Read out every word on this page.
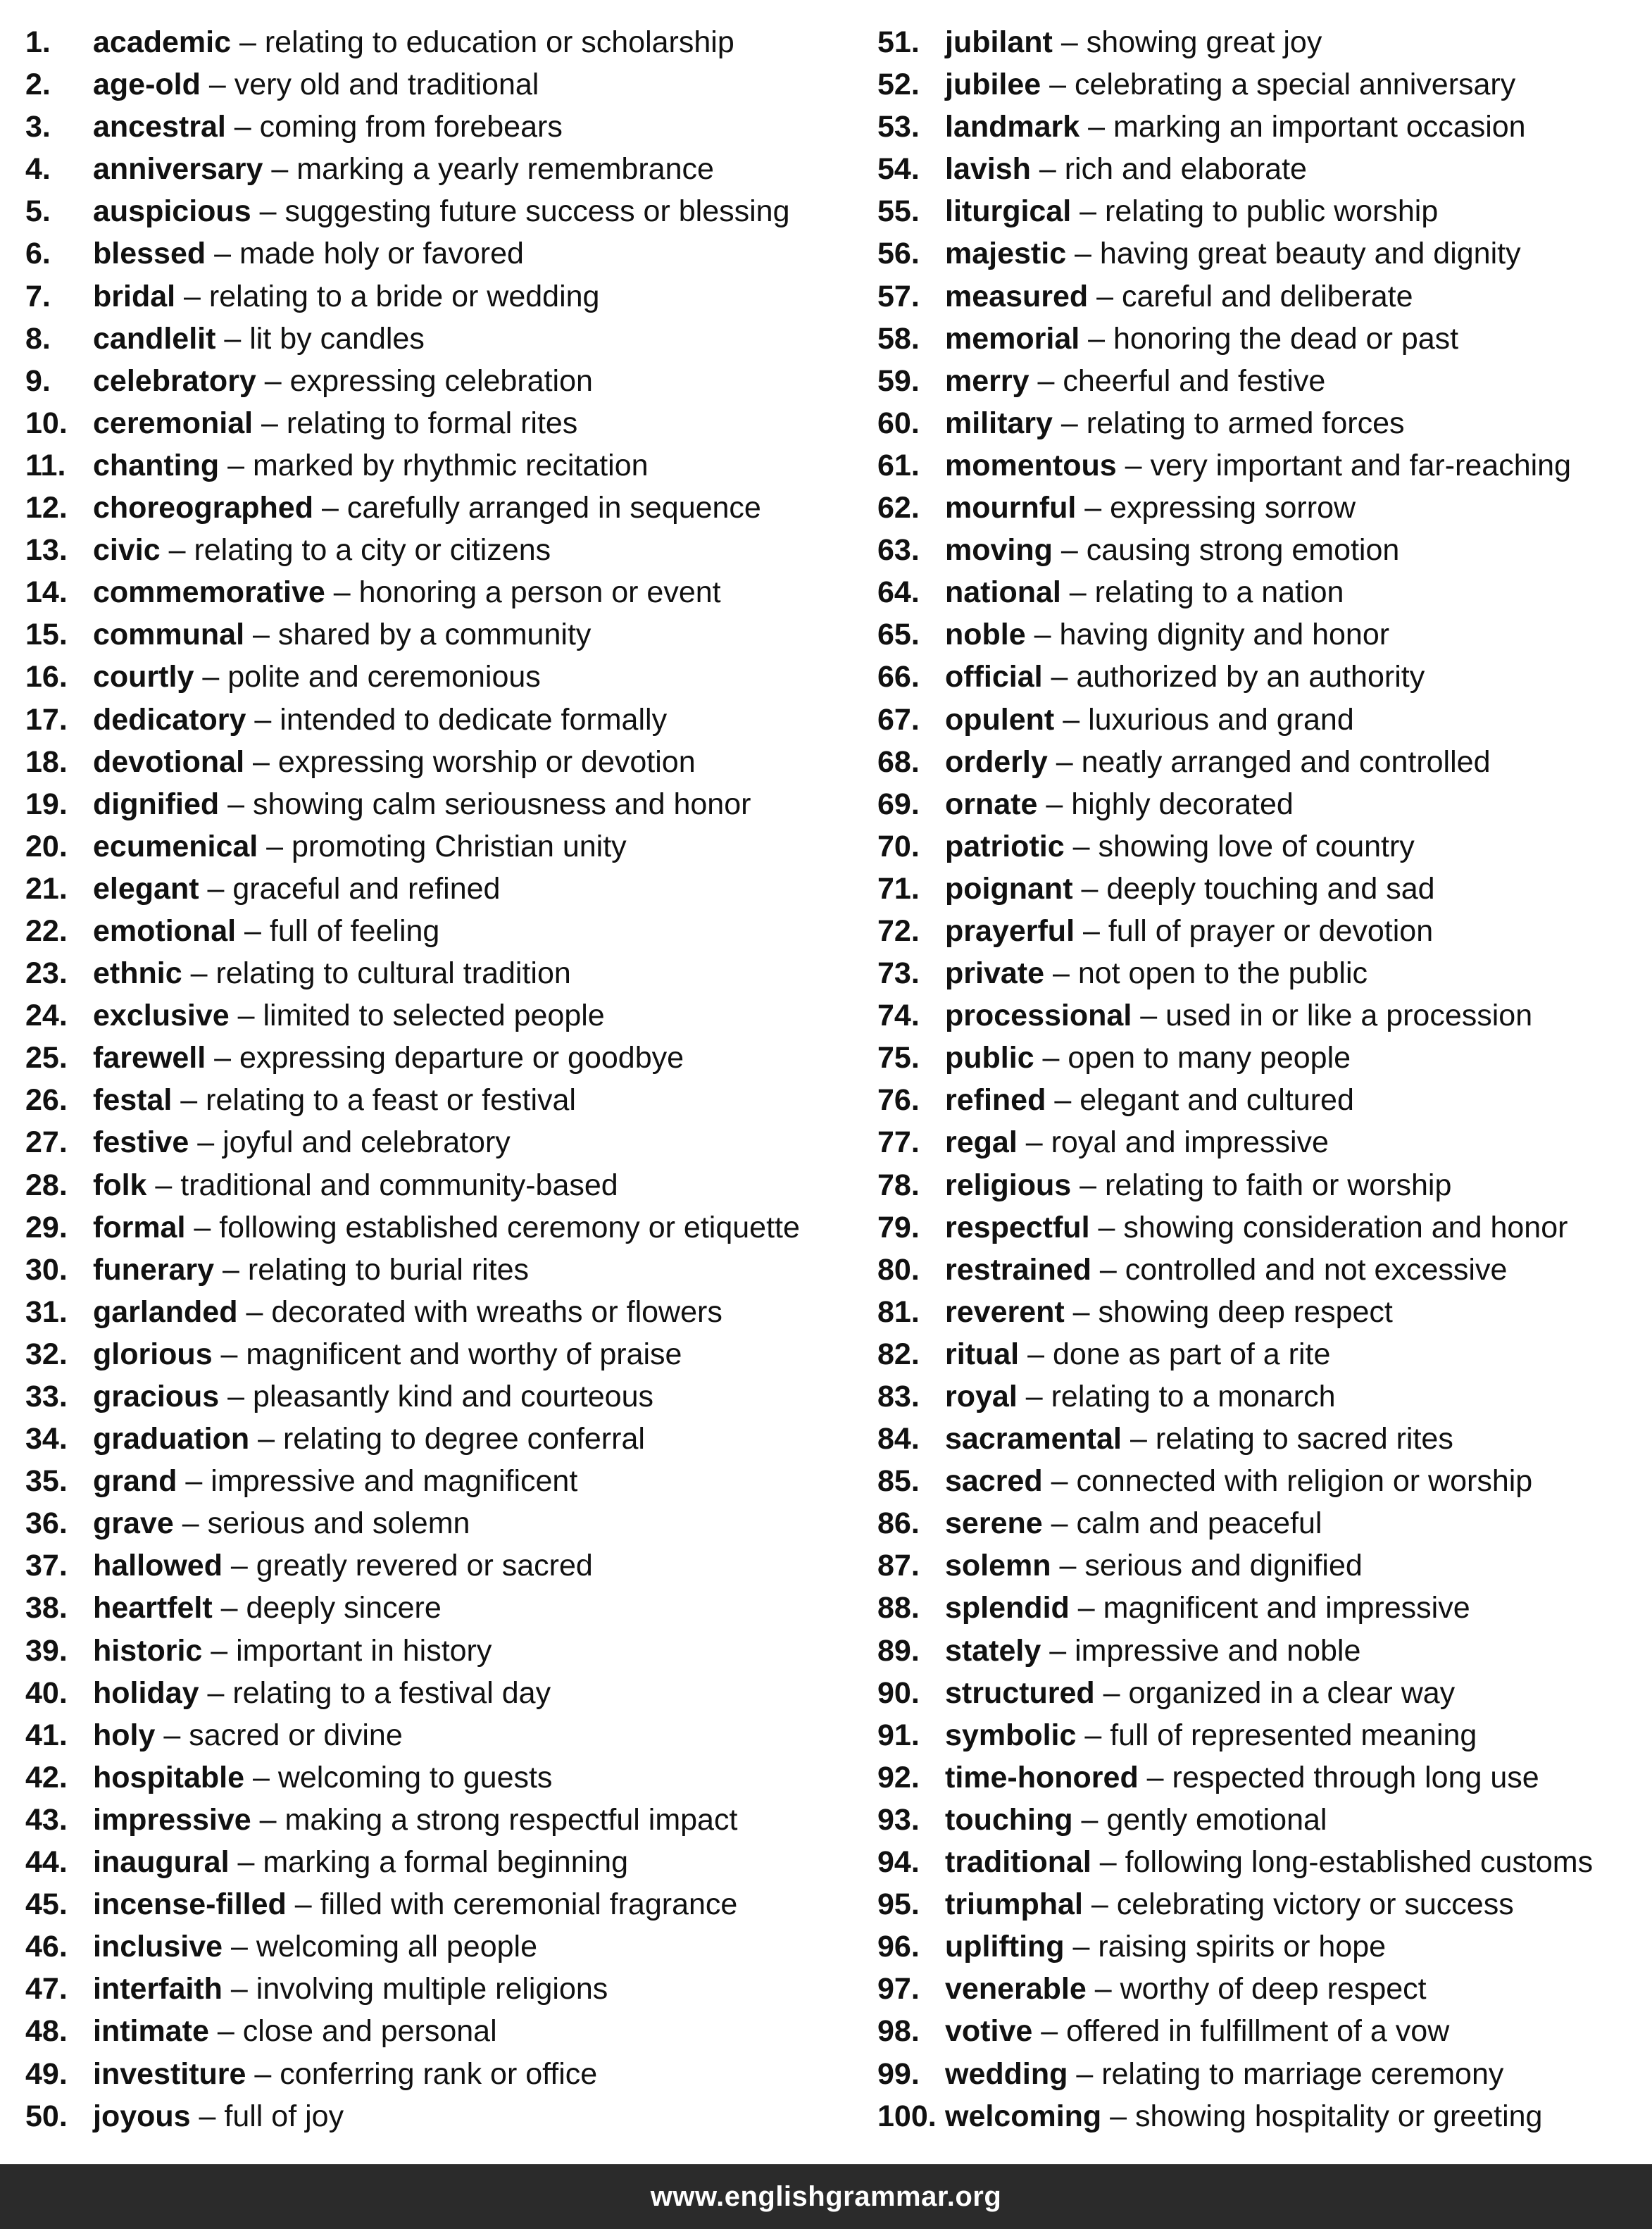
1. academic – relating to education or scholarship
2. age-old – very old and traditional
3. ancestral – coming from forebears
4. anniversary – marking a yearly remembrance
5. auspicious – suggesting future success or blessing
6. blessed – made holy or favored
7. bridal – relating to a bride or wedding
8. candlelit – lit by candles
9. celebratory – expressing celebration
10. ceremonial – relating to formal rites
11. chanting – marked by rhythmic recitation
12. choreographed – carefully arranged in sequence
13. civic – relating to a city or citizens
14. commemorative – honoring a person or event
15. communal – shared by a community
16. courtly – polite and ceremonious
17. dedicatory – intended to dedicate formally
18. devotional – expressing worship or devotion
19. dignified – showing calm seriousness and honor
20. ecumenical – promoting Christian unity
21. elegant – graceful and refined
22. emotional – full of feeling
23. ethnic – relating to cultural tradition
24. exclusive – limited to selected people
25. farewell – expressing departure or goodbye
26. festal – relating to a feast or festival
27. festive – joyful and celebratory
28. folk – traditional and community-based
29. formal – following established ceremony or etiquette
30. funerary – relating to burial rites
31. garlanded – decorated with wreaths or flowers
32. glorious – magnificent and worthy of praise
33. gracious – pleasantly kind and courteous
34. graduation – relating to degree conferral
35. grand – impressive and magnificent
36. grave – serious and solemn
37. hallowed – greatly revered or sacred
38. heartfelt – deeply sincere
39. historic – important in history
40. holiday – relating to a festival day
41. holy – sacred or divine
42. hospitable – welcoming to guests
43. impressive – making a strong respectful impact
44. inaugural – marking a formal beginning
45. incense-filled – filled with ceremonial fragrance
46. inclusive – welcoming all people
47. interfaith – involving multiple religions
48. intimate – close and personal
49. investiture – conferring rank or office
50. joyous – full of joy
51. jubilant – showing great joy
52. jubilee – celebrating a special anniversary
53. landmark – marking an important occasion
54. lavish – rich and elaborate
55. liturgical – relating to public worship
56. majestic – having great beauty and dignity
57. measured – careful and deliberate
58. memorial – honoring the dead or past
59. merry – cheerful and festive
60. military – relating to armed forces
61. momentous – very important and far-reaching
62. mournful – expressing sorrow
63. moving – causing strong emotion
64. national – relating to a nation
65. noble – having dignity and honor
66. official – authorized by an authority
67. opulent – luxurious and grand
68. orderly – neatly arranged and controlled
69. ornate – highly decorated
70. patriotic – showing love of country
71. poignant – deeply touching and sad
72. prayerful – full of prayer or devotion
73. private – not open to the public
74. processional – used in or like a procession
75. public – open to many people
76. refined – elegant and cultured
77. regal – royal and impressive
78. religious – relating to faith or worship
79. respectful – showing consideration and honor
80. restrained – controlled and not excessive
81. reverent – showing deep respect
82. ritual – done as part of a rite
83. royal – relating to a monarch
84. sacramental – relating to sacred rites
85. sacred – connected with religion or worship
86. serene – calm and peaceful
87. solemn – serious and dignified
88. splendid – magnificent and impressive
89. stately – impressive and noble
90. structured – organized in a clear way
91. symbolic – full of represented meaning
92. time-honored – respected through long use
93. touching – gently emotional
94. traditional – following long-established customs
95. triumphal – celebrating victory or success
96. uplifting – raising spirits or hope
97. venerable – worthy of deep respect
98. votive – offered in fulfillment of a vow
99. wedding – relating to marriage ceremony
100. welcoming – showing hospitality or greeting
www.englishgrammar.org
